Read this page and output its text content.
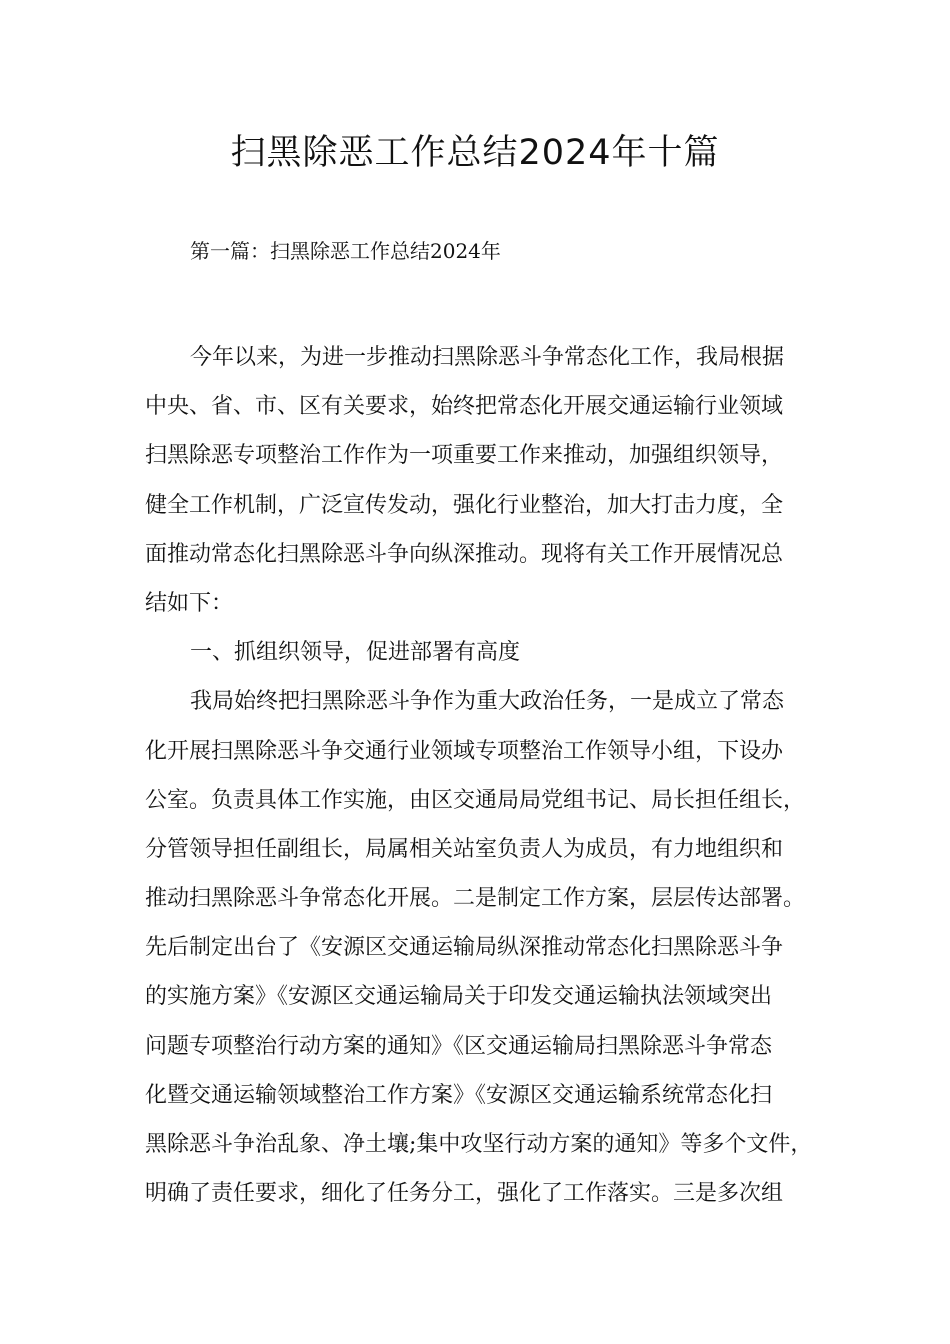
扫黑除恶工作总结2024年十篇

第一篇：扫黑除恶工作总结2024年

今年以来，为进一步推动扫黑除恶斗争常态化工作，我局根据

中央、省、市、区有关要求，始终把常态化开展交通运输行业领域

扫黑除恶专项整治工作作为一项重要工作来推动，加强组织领导，

健全工作机制，广泛宣传发动，强化行业整治，加大打击力度，全

面推动常态化扫黑除恶斗争向纵深推动。现将有关工作开展情况总

结如下：

一、抓组织领导，促进部署有高度

我局始终把扫黑除恶斗争作为重大政治任务，一是成立了常态

化开展扫黑除恶斗争交通行业领域专项整治工作领导小组，下设办

公室。负责具体工作实施，由区交通局局党组书记、局长担任组长，

分管领导担任副组长，局属相关站室负责人为成员，有力地组织和

推动扫黑除恶斗争常态化开展。二是制定工作方案，层层传达部署。

先后制定出台了《安源区交通运输局纵深推动常态化扫黑除恶斗争

的实施方案》《安源区交通运输局关于印发交通运输执法领域突出

问题专项整治行动方案的通知》《区交通运输局扫黑除恶斗争常态

化暨交通运输领域整治工作方案》《安源区交通运输系统常态化扫

黑除恶斗争治乱象、净土壤;集中攻坚行动方案的通知》等多个文件，

明确了责任要求，细化了任务分工，强化了工作落实。三是多次组
